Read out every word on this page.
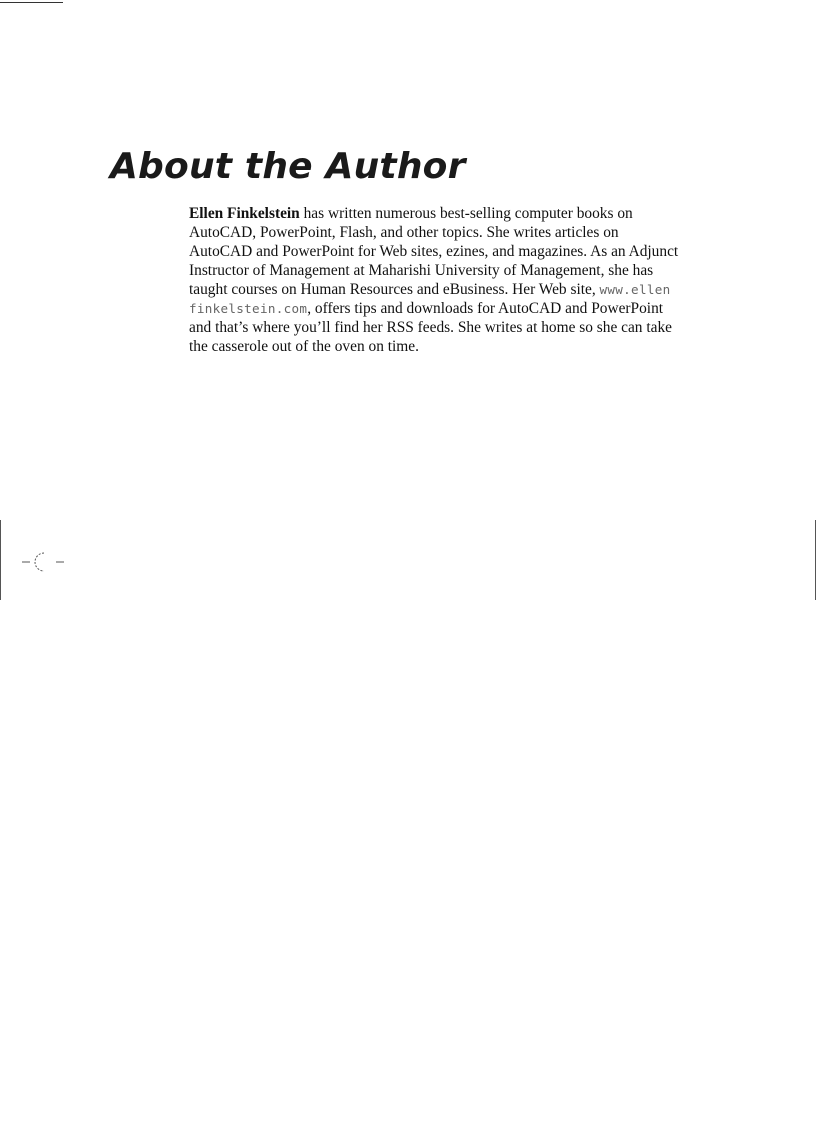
About the Author

Ellen Finkelstein has written numerous best-selling computer books on
AutoCAD, PowerPoint, Flash, and other topics. She writes articles on
AutoCAD and PowerPoint for Web sites, ezines, and magazines. As an Adjunct
Instructor of Management at Maharishi University of Management, she has
taught courses on Human Resources and eBusiness. Her Web site, www.ellen
finkelstein.com, offers tips and downloads for AutoCAD and PowerPoint
and that’s where you’ll find her RSS feeds. She writes at home so she can take
the casserole out of the oven on time.
